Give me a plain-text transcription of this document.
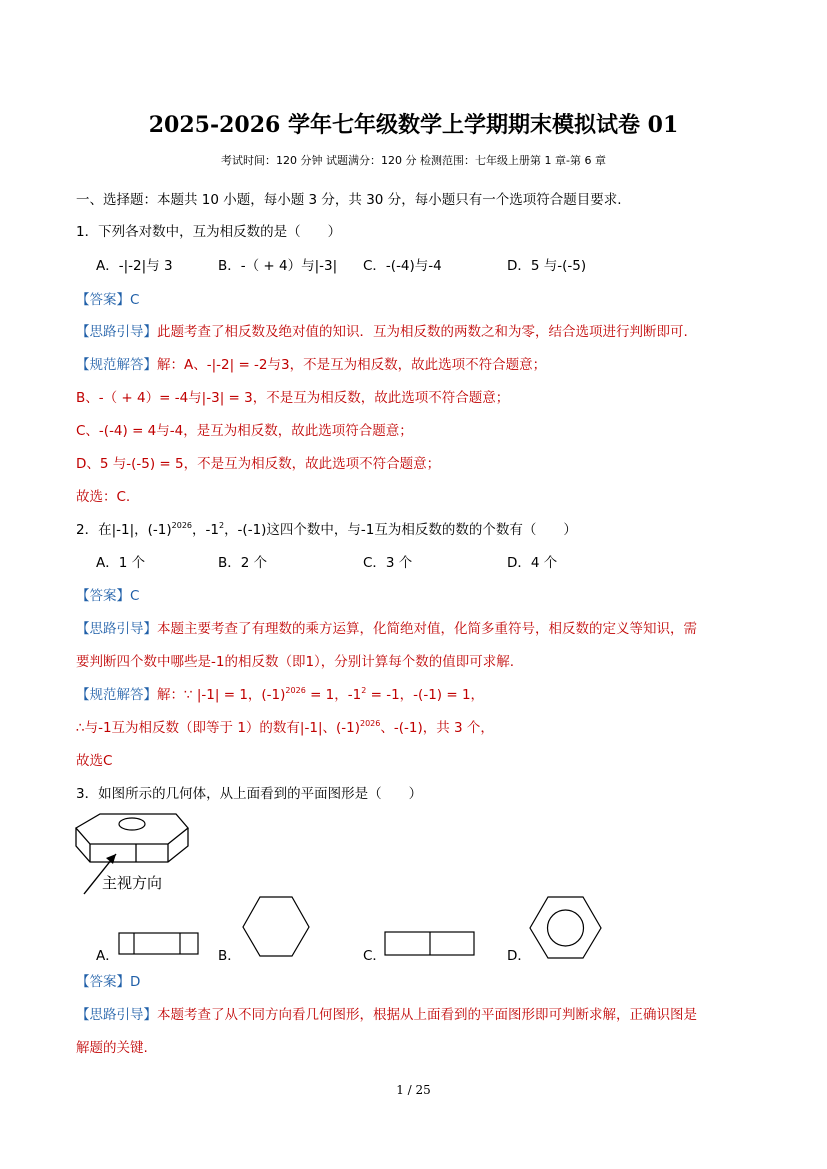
2025-2026 学年七年级数学上学期期末模拟试卷 01
考试时间：120 分钟 试题满分：120 分 检测范围：七年级上册第 1 章-第 6 章
一、选择题：本题共 10 小题，每小题 3 分，共 30 分，每小题只有一个选项符合题目要求.
1．下列各对数中，互为相反数的是（　　）
A．-|-2|与 3	B．-（ + 4）与|-3| C．-(-4)与-4	D．5 与-(-5)
【答案】C
【思路引导】此题考查了相反数及绝对值的知识．互为相反数的两数之和为零，结合选项进行判断即可.
【规范解答】解：A、-|-2| = -2与3，不是互为相反数，故此选项不符合题意；
B、-（ + 4）= -4与|-3| = 3，不是互为相反数，故此选项不符合题意；
C、-(-4) = 4与-4，是互为相反数，故此选项符合题意；
D、5 与-(-5) = 5，不是互为相反数，故此选项不符合题意；
故选：C.
2．在|-1|，$(-1)^{2026}$，$-1^2$，-(-1)这四个数中，与-1互为相反数的数的个数有（　　）
A．1 个	B．2 个	C．3 个	D．4 个
【答案】C
【思路引导】本题主要考查了有理数的乘方运算，化简绝对值，化简多重符号，相反数的定义等知识，需
要判断四个数中哪些是-1的相反数（即1），分别计算每个数的值即可求解.
【规范解答】解：∵ |-1| = 1，$(-1)^{2026} = 1$，$-1^2 = -1$，-(-1) = 1，
∴与-1互为相反数（即等于 1）的数有|-1|、$(-1)^{2026}$、-(-1)，共 3 个，
故选C
3．如图所示的几何体，从上面看到的平面图形是（　　）
主视方向
A．	B．	C．	D．
【答案】D
【思路引导】本题考查了从不同方向看几何图形，根据从上面看到的平面图形即可判断求解，正确识图是
解题的关键.
1 / 25
